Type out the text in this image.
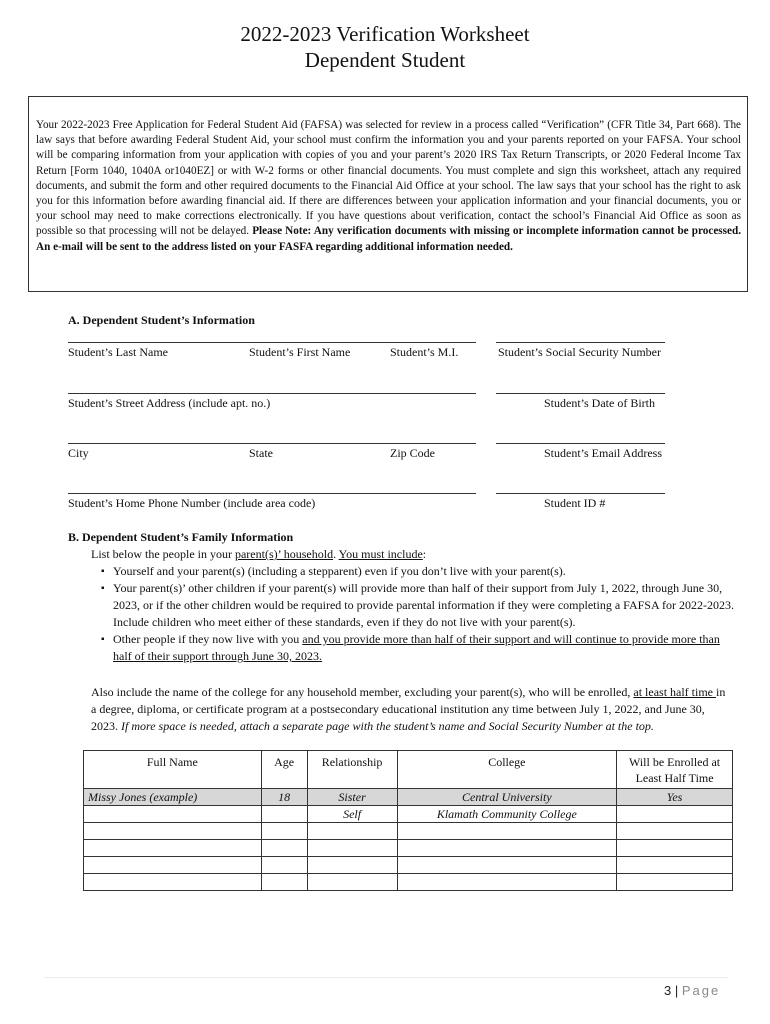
2022-2023 Verification Worksheet
Dependent Student
Your 2022-2023 Free Application for Federal Student Aid (FAFSA) was selected for review in a process called “Verification” (CFR Title 34, Part 668). The law says that before awarding Federal Student Aid, your school must confirm the information you and your parents reported on your FAFSA. Your school will be comparing information from your application with copies of you and your parent’s 2020 IRS Tax Return Transcripts, or 2020 Federal Income Tax Return [Form 1040, 1040A or1040EZ] or with W-2 forms or other financial documents. You must complete and sign this worksheet, attach any required documents, and submit the form and other required documents to the Financial Aid Office at your school. The law says that your school has the right to ask you for this information before awarding financial aid. If there are differences between your application information and your financial documents, you or your school may need to make corrections electronically. If you have questions about verification, contact the school’s Financial Aid Office as soon as possible so that processing will not be delayed. Please Note: Any verification documents with missing or incomplete information cannot be processed. An e-mail will be sent to the address listed on your FASFA regarding additional information needed.
A. Dependent Student’s Information
Student’s Last Name	Student’s First Name	Student’s M.I.	Student’s Social Security Number
Student’s Street Address (include apt. no.)	Student’s Date of Birth
City	State	Zip Code	Student’s Email Address
Student’s Home Phone Number (include area code)	Student ID #
B. Dependent Student’s Family Information
List below the people in your parent(s)’ household. You must include:
▪ Yourself and your parent(s) (including a stepparent) even if you don’t live with your parent(s).
▪ Your parent(s)’ other children if your parent(s) will provide more than half of their support from July 1, 2022, through June 30, 2023, or if the other children would be required to provide parental information if they were completing a FAFSA for 2022-2023. Include children who meet either of these standards, even if they do not live with your parent(s).
▪ Other people if they now live with you and you provide more than half of their support and will continue to provide more than half of their support through June 30, 2023.
Also include the name of the college for any household member, excluding your parent(s), who will be enrolled, at least half time in a degree, diploma, or certificate program at a postsecondary educational institution any time between July 1, 2022, and June 30, 2023. If more space is needed, attach a separate page with the student’s name and Social Security Number at the top.
Full Name	Age	Relationship	College	Will be Enrolled at Least Half Time
Missy Jones (example)	18	Sister	Central University	Yes
		Self	Klamath Community College	

3 | Page
